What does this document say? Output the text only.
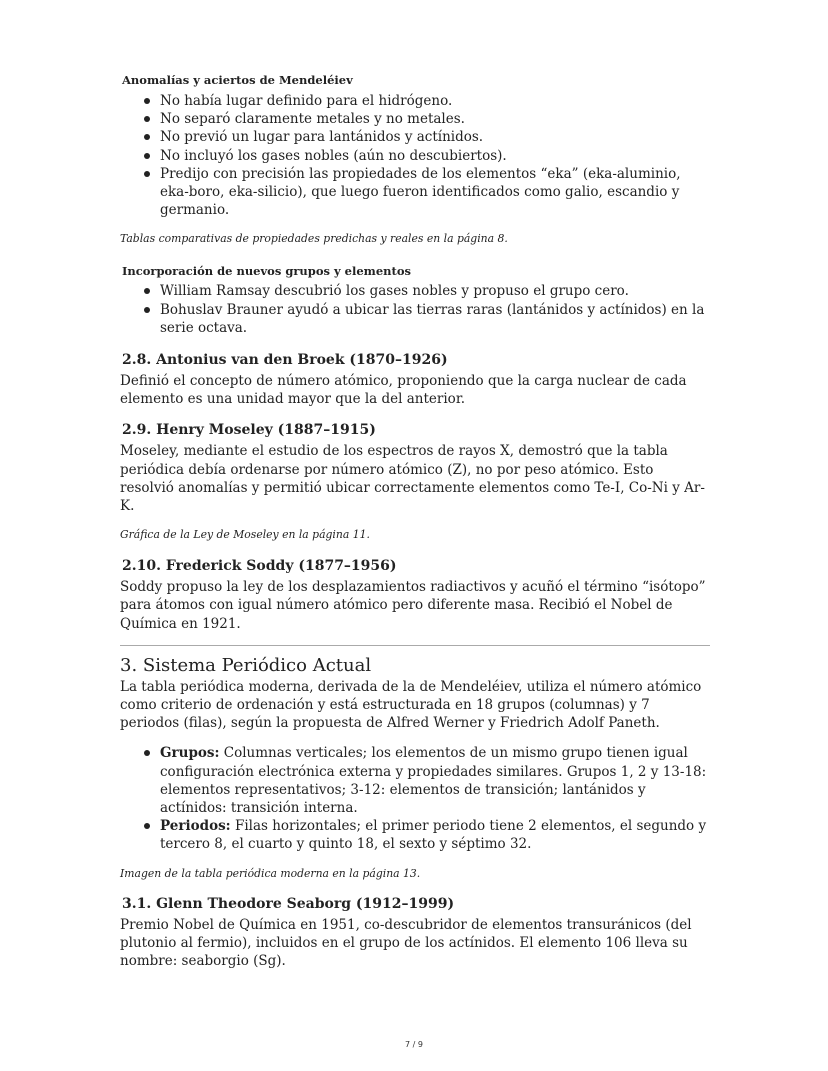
Anomalías y aciertos de Mendeléiev
No había lugar definido para el hidrógeno.
No separó claramente metales y no metales.
No previó un lugar para lantánidos y actínidos.
No incluyó los gases nobles (aún no descubiertos).
Predijo con precisión las propiedades de los elementos “eka” (eka-aluminio, eka-boro, eka-silicio), que luego fueron identificados como galio, escandio y germanio.

Tablas comparativas de propiedades predichas y reales en la página 8.

Incorporación de nuevos grupos y elementos
William Ramsay descubrió los gases nobles y propuso el grupo cero.
Bohuslav Brauner ayudó a ubicar las tierras raras (lantánidos y actínidos) en la serie octava.
2.8. Antonius van den Broek (1870–1926)

Definió el concepto de número atómico, proponiendo que la carga nuclear de cada elemento es una unidad mayor que la del anterior.

2.9. Henry Moseley (1887–1915)

Moseley, mediante el estudio de los espectros de rayos X, demostró que la tabla periódica debía ordenarse por número atómico (Z), no por peso atómico. Esto resolvió anomalías y permitió ubicar correctamente elementos como Te-I, Co-Ni y Ar-K.

Gráfica de la Ley de Moseley en la página 11.

2.10. Frederick Soddy (1877–1956)

Soddy propuso la ley de los desplazamientos radiactivos y acuñó el término “isótopo” para átomos con igual número atómico pero diferente masa. Recibió el Nobel de Química en 1921.

3. Sistema Periódico Actual

La tabla periódica moderna, derivada de la de Mendeléiev, utiliza el número atómico como criterio de ordenación y está estructurada en 18 grupos (columnas) y 7 periodos (filas), según la propuesta de Alfred Werner y Friedrich Adolf Paneth.

Grupos: Columnas verticales; los elementos de un mismo grupo tienen igual configuración electrónica externa y propiedades similares. Grupos 1, 2 y 13-18: elementos representativos; 3-12: elementos de transición; lantánidos y actínidos: transición interna.
Periodos: Filas horizontales; el primer periodo tiene 2 elementos, el segundo y tercero 8, el cuarto y quinto 18, el sexto y séptimo 32.

Imagen de la tabla periódica moderna en la página 13.

3.1. Glenn Theodore Seaborg (1912–1999)

Premio Nobel de Química en 1951, co-descubridor de elementos transuránicos (del plutonio al fermio), incluidos en el grupo de los actínidos. El elemento 106 lleva su nombre: seaborgio (Sg).

7 / 9
